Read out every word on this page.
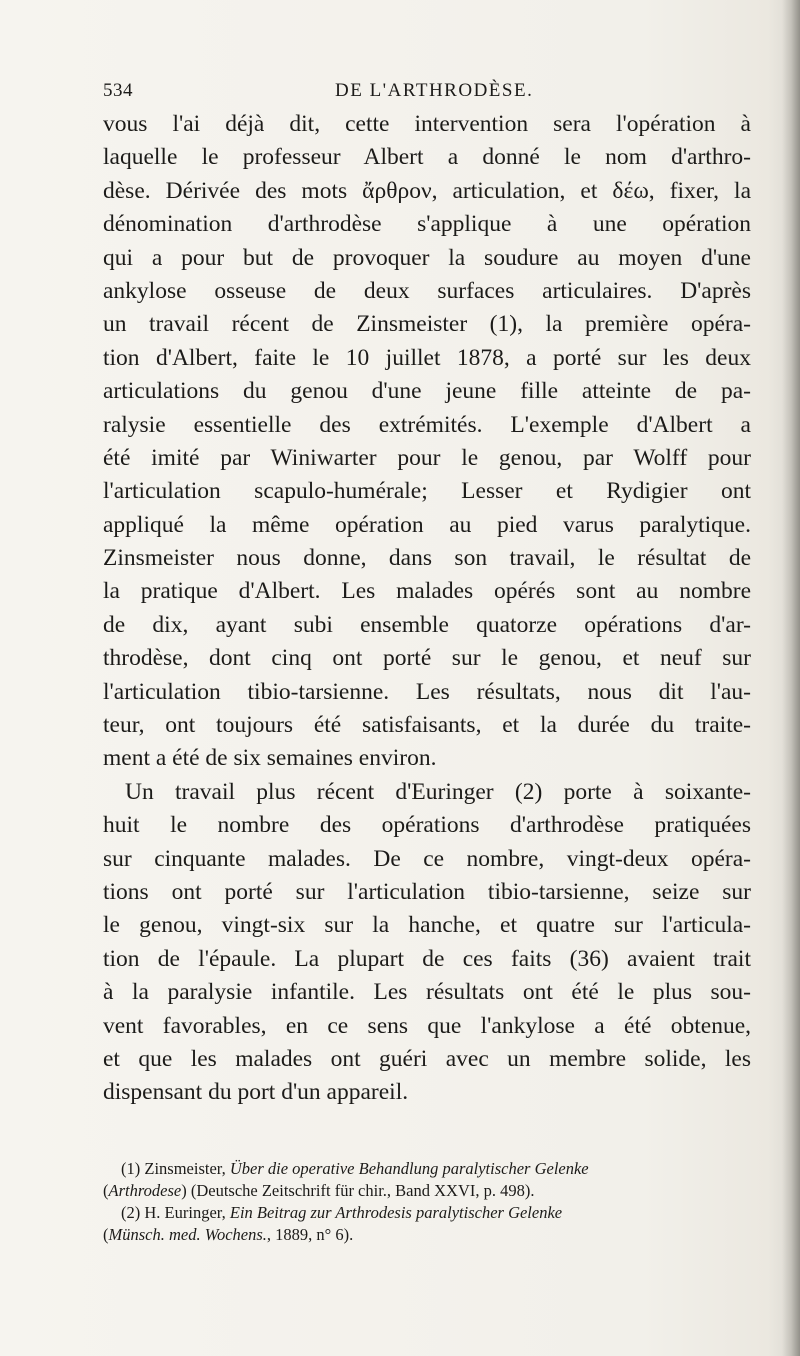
534	DE L'ARTHRODÈSE.
vous l'ai déjà dit, cette intervention sera l'opération à
laquelle le professeur Albert a donné le nom d'arthro-
dèse. Dérivée des mots ἄρθρον, articulation, et δέω, fixer, la
dénomination d'arthrodèse s'applique à une opération
qui a pour but de provoquer la soudure au moyen d'une
ankylose osseuse de deux surfaces articulaires. D'après
un travail récent de Zinsmeister (1), la première opéra-
tion d'Albert, faite le 10 juillet 1878, a porté sur les deux
articulations du genou d'une jeune fille atteinte de pa-
ralysie essentielle des extrémités. L'exemple d'Albert a
été imité par Winiwarter pour le genou, par Wolff pour
l'articulation scapulo-humérale; Lesser et Rydigier ont
appliqué la même opération au pied varus paralytique.
Zinsmeister nous donne, dans son travail, le résultat de
la pratique d'Albert. Les malades opérés sont au nombre
de dix, ayant subi ensemble quatorze opérations d'ar-
throdèse, dont cinq ont porté sur le genou, et neuf sur
l'articulation tibio-tarsienne. Les résultats, nous dit l'au-
teur, ont toujours été satisfaisants, et la durée du traite-
ment a été de six semaines environ.
Un travail plus récent d'Euringer (2) porte à soixante-
huit le nombre des opérations d'arthrodèse pratiquées
sur cinquante malades. De ce nombre, vingt-deux opéra-
tions ont porté sur l'articulation tibio-tarsienne, seize sur
le genou, vingt-six sur la hanche, et quatre sur l'articula-
tion de l'épaule. La plupart de ces faits (36) avaient trait
à la paralysie infantile. Les résultats ont été le plus sou-
vent favorables, en ce sens que l'ankylose a été obtenue,
et que les malades ont guéri avec un membre solide, les
dispensant du port d'un appareil.
(1) Zinsmeister, Über die operative Behandlung paralytischer Gelenke
(Arthrodese) (Deutsche Zeitschrift für chir., Band XXVI, p. 498).
(2) H. Euringer, Ein Beitrag zur Arthrodesis paralytischer Gelenke
(Münsch. med. Wochens., 1889, n° 6).
